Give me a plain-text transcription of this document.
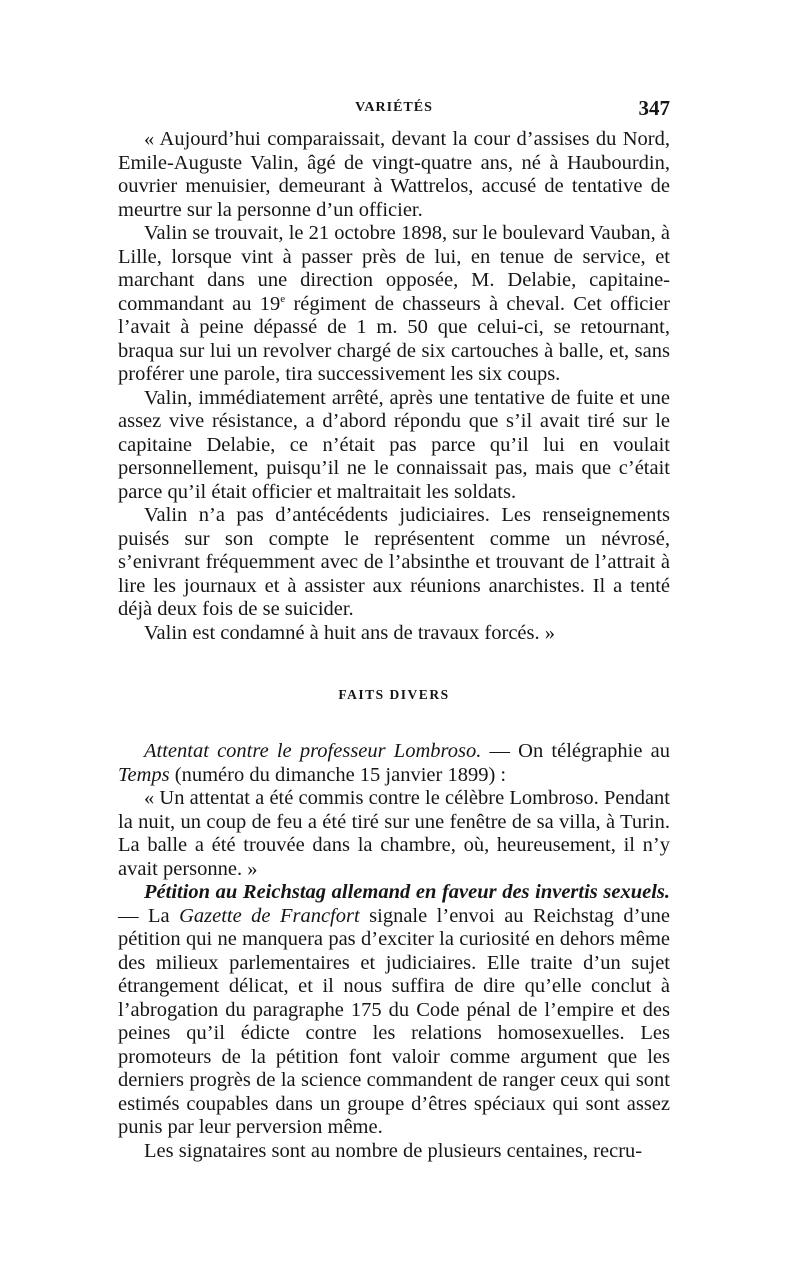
VARIÉTÉS	347

« Aujourd’hui comparaissait, devant la cour d’assises du Nord, Emile-Auguste Valin, âgé de vingt-quatre ans, né à Haubourdin, ouvrier menuisier, demeurant à Wattrelos, accusé de tentative de meurtre sur la personne d’un officier.

Valin se trouvait, le 21 octobre 1898, sur le boulevard Vauban, à Lille, lorsque vint à passer près de lui, en tenue de service, et marchant dans une direction opposée, M. Delabie, capitaine-commandant au 19e régiment de chasseurs à cheval. Cet officier l’avait à peine dépassé de 1 m. 50 que celui-ci, se retournant, braqua sur lui un revolver chargé de six cartouches à balle, et, sans proférer une parole, tira successivement les six coups.

Valin, immédiatement arrêté, après une tentative de fuite et une assez vive résistance, a d’abord répondu que s’il avait tiré sur le capitaine Delabie, ce n’était pas parce qu’il lui en voulait personnellement, puisqu’il ne le connaissait pas, mais que c’était parce qu’il était officier et maltraitait les soldats.

Valin n’a pas d’antécédents judiciaires. Les renseignements puisés sur son compte le représentent comme un névrosé, s’enivrant fréquemment avec de l’absinthe et trouvant de l’attrait à lire les journaux et à assister aux réunions anarchistes. Il a tenté déjà deux fois de se suicider.

Valin est condamné à huit ans de travaux forcés. »

FAITS DIVERS

Attentat contre le professeur Lombroso. — On télégraphie au Temps (numéro du dimanche 15 janvier 1899) :

« Un attentat a été commis contre le célèbre Lombroso. Pendant la nuit, un coup de feu a été tiré sur une fenêtre de sa villa, à Turin. La balle a été trouvée dans la chambre, où, heureusement, il n’y avait personne. »

Pétition au Reichstag allemand en faveur des invertis sexuels. — La Gazette de Francfort signale l’envoi au Reichstag d’une pétition qui ne manquera pas d’exciter la curiosité en dehors même des milieux parlementaires et judiciaires. Elle traite d’un sujet étrangement délicat, et il nous suffira de dire qu’elle conclut à l’abrogation du paragraphe 175 du Code pénal de l’empire et des peines qu’il édicte contre les relations homosexuelles. Les promoteurs de la pétition font valoir comme argument que les derniers progrès de la science commandent de ranger ceux qui sont estimés coupables dans un groupe d’êtres spéciaux qui sont assez punis par leur perversion même.

Les signataires sont au nombre de plusieurs centaines, recru-
